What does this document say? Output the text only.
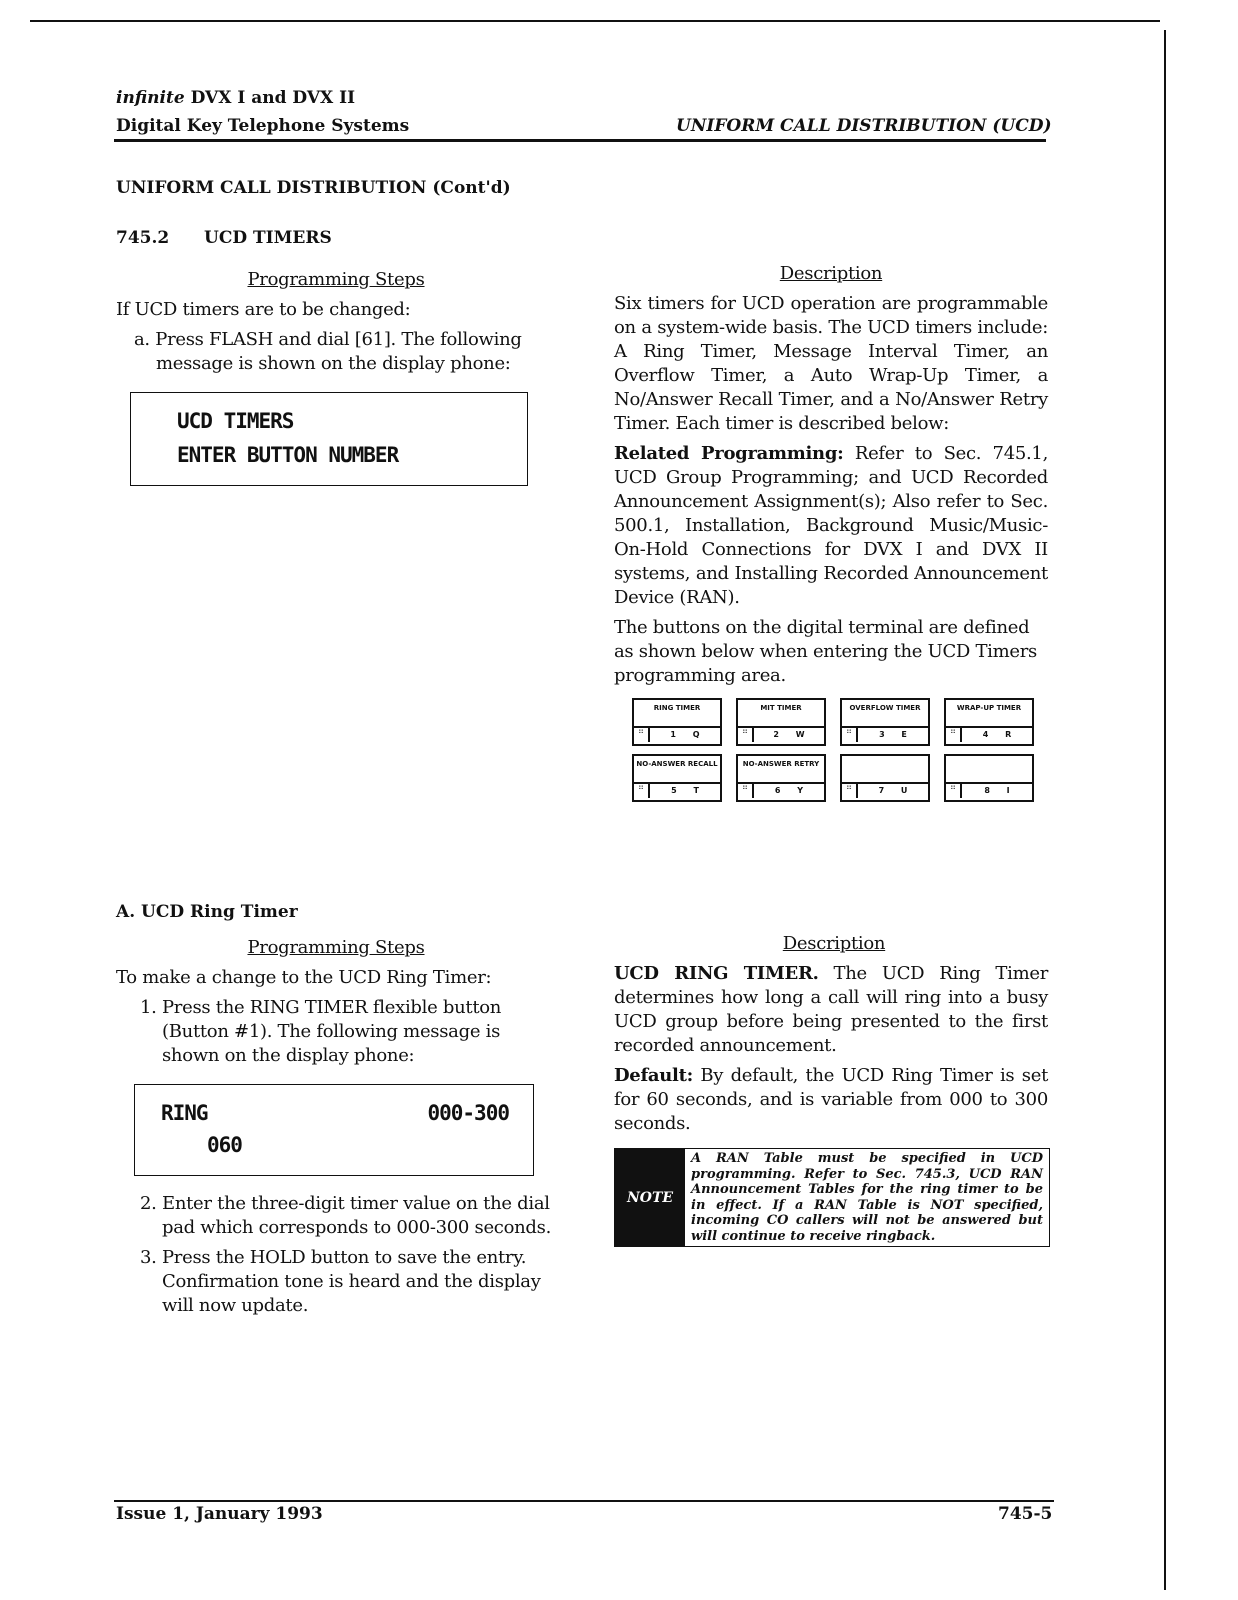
infinite DVX I and DVX II
Digital Key Telephone Systems	UNIFORM CALL DISTRIBUTION (UCD)
UNIFORM CALL DISTRIBUTION (Cont'd)
745.2 UCD TIMERS
Programming Steps
If UCD timers are to be changed:
a. Press FLASH and dial [61]. The following message is shown on the display phone:
UCD TIMERS
ENTER BUTTON NUMBER
Description
Six timers for UCD operation are programmable on a system-wide basis. The UCD timers include: A Ring Timer, Message Interval Timer, an Overflow Timer, a Auto Wrap-Up Timer, a No/Answer Recall Timer, and a No/Answer Retry Timer. Each timer is described below:
Related Programming: Refer to Sec. 745.1, UCD Group Programming; and UCD Recorded Announcement Assignment(s); Also refer to Sec. 500.1, Installation, Background Music/Music-On-Hold Connections for DVX I and DVX II systems, and Installing Recorded Announcement Device (RAN).
The buttons on the digital terminal are defined as shown below when entering the UCD Timers programming area.
RING TIMER
::	1 Q
MIT TIMER
::	2 W
OVERFLOW TIMER
::	3 E
WRAP-UP TIMER
::	4 R
NO-ANSWER RECALL
::	5 T
NO-ANSWER RETRY
::	6 Y	::	7 U	::	8 I
A. UCD Ring Timer
Programming Steps
To make a change to the UCD Ring Timer:
1. Press the RING TIMER flexible button (Button #1). The following message is shown on the display phone:
RING	000-300
060
2. Enter the three-digit timer value on the dial pad which corresponds to 000-300 seconds.
3. Press the HOLD button to save the entry. Confirmation tone is heard and the display will now update.
Description
UCD RING TIMER. The UCD Ring Timer determines how long a call will ring into a busy UCD group before being presented to the first recorded announcement.
Default: By default, the UCD Ring Timer is set for 60 seconds, and is variable from 000 to 300 seconds.
NOTE
A RAN Table must be specified in UCD programming. Refer to Sec. 745.3, UCD RAN Announcement Tables for the ring timer to be in effect. If a RAN Table is NOT specified, incoming CO callers will not be answered but will continue to receive ringback.
Issue 1, January 1993	745-5
